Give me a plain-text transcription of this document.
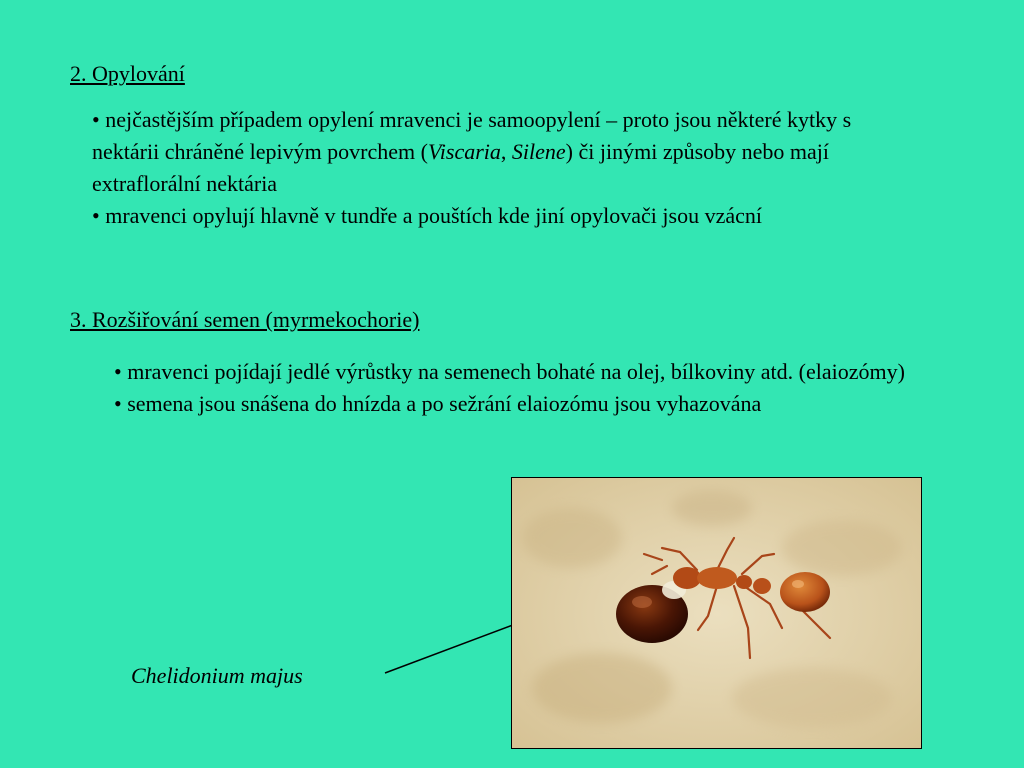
2. Opylování

• nejčastějším případem opylení mravenci je samoopylení – proto jsou některé kytky s nektárii chráněné lepivým povrchem (Viscaria, Silene) či jinými způsoby nebo mají extraflorální nektária

• mravenci opylují hlavně v tundře a pouštích kde jiní opylovači jsou vzácní

3. Rozšiřování semen (myrmekochorie)

• mravenci pojídají jedlé výrůstky na semenech bohaté na olej, bílkoviny atd. (elaiozómy)

• semena jsou snášena do hnízda a po sežrání elaiozómu jsou vyhazována

Chelidonium majus
